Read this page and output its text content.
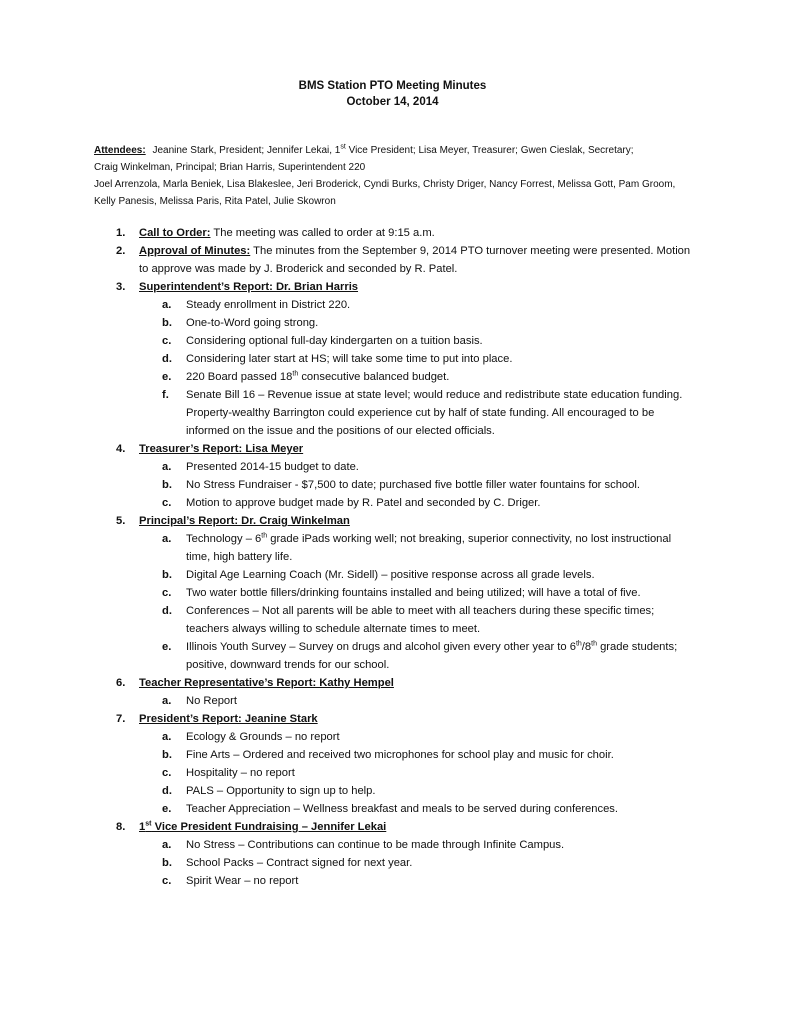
BMS Station PTO Meeting Minutes
October 14, 2014
Attendees: Jeanine Stark, President; Jennifer Lekai, 1st Vice President; Lisa Meyer, Treasurer; Gwen Cieslak, Secretary;
Craig Winkelman, Principal; Brian Harris, Superintendent 220
Joel Arrenzola, Marla Beniek, Lisa Blakeslee, Jeri Broderick, Cyndi Burks, Christy Driger, Nancy Forrest, Melissa Gott, Pam Groom, Kelly Panesis, Melissa Paris, Rita Patel, Julie Skowron
1. Call to Order: The meeting was called to order at 9:15 a.m.
2. Approval of Minutes: The minutes from the September 9, 2014 PTO turnover meeting were presented. Motion to approve was made by J. Broderick and seconded by R. Patel.
3. Superintendent’s Report: Dr. Brian Harris
a. Steady enrollment in District 220.
b. One-to-Word going strong.
c. Considering optional full-day kindergarten on a tuition basis.
d. Considering later start at HS; will take some time to put into place.
e. 220 Board passed 18th consecutive balanced budget.
f. Senate Bill 16 – Revenue issue at state level; would reduce and redistribute state education funding. Property-wealthy Barrington could experience cut by half of state funding. All encouraged to be informed on the issue and the positions of our elected officials.
4. Treasurer’s Report: Lisa Meyer
a. Presented 2014-15 budget to date.
b. No Stress Fundraiser - $7,500 to date; purchased five bottle filler water fountains for school.
c. Motion to approve budget made by R. Patel and seconded by C. Driger.
5. Principal’s Report: Dr. Craig Winkelman
a. Technology – 6th grade iPads working well; not breaking, superior connectivity, no lost instructional time, high battery life.
b. Digital Age Learning Coach (Mr. Sidell) – positive response across all grade levels.
c. Two water bottle fillers/drinking fountains installed and being utilized; will have a total of five.
d. Conferences – Not all parents will be able to meet with all teachers during these specific times; teachers always willing to schedule alternate times to meet.
e. Illinois Youth Survey – Survey on drugs and alcohol given every other year to 6th/8th grade students; positive, downward trends for our school.
6. Teacher Representative’s Report: Kathy Hempel
a. No Report
7. President’s Report: Jeanine Stark
a. Ecology & Grounds – no report
b. Fine Arts – Ordered and received two microphones for school play and music for choir.
c. Hospitality – no report
d. PALS – Opportunity to sign up to help.
e. Teacher Appreciation – Wellness breakfast and meals to be served during conferences.
8. 1st Vice President Fundraising – Jennifer Lekai
a. No Stress – Contributions can continue to be made through Infinite Campus.
b. School Packs – Contract signed for next year.
c. Spirit Wear – no report
